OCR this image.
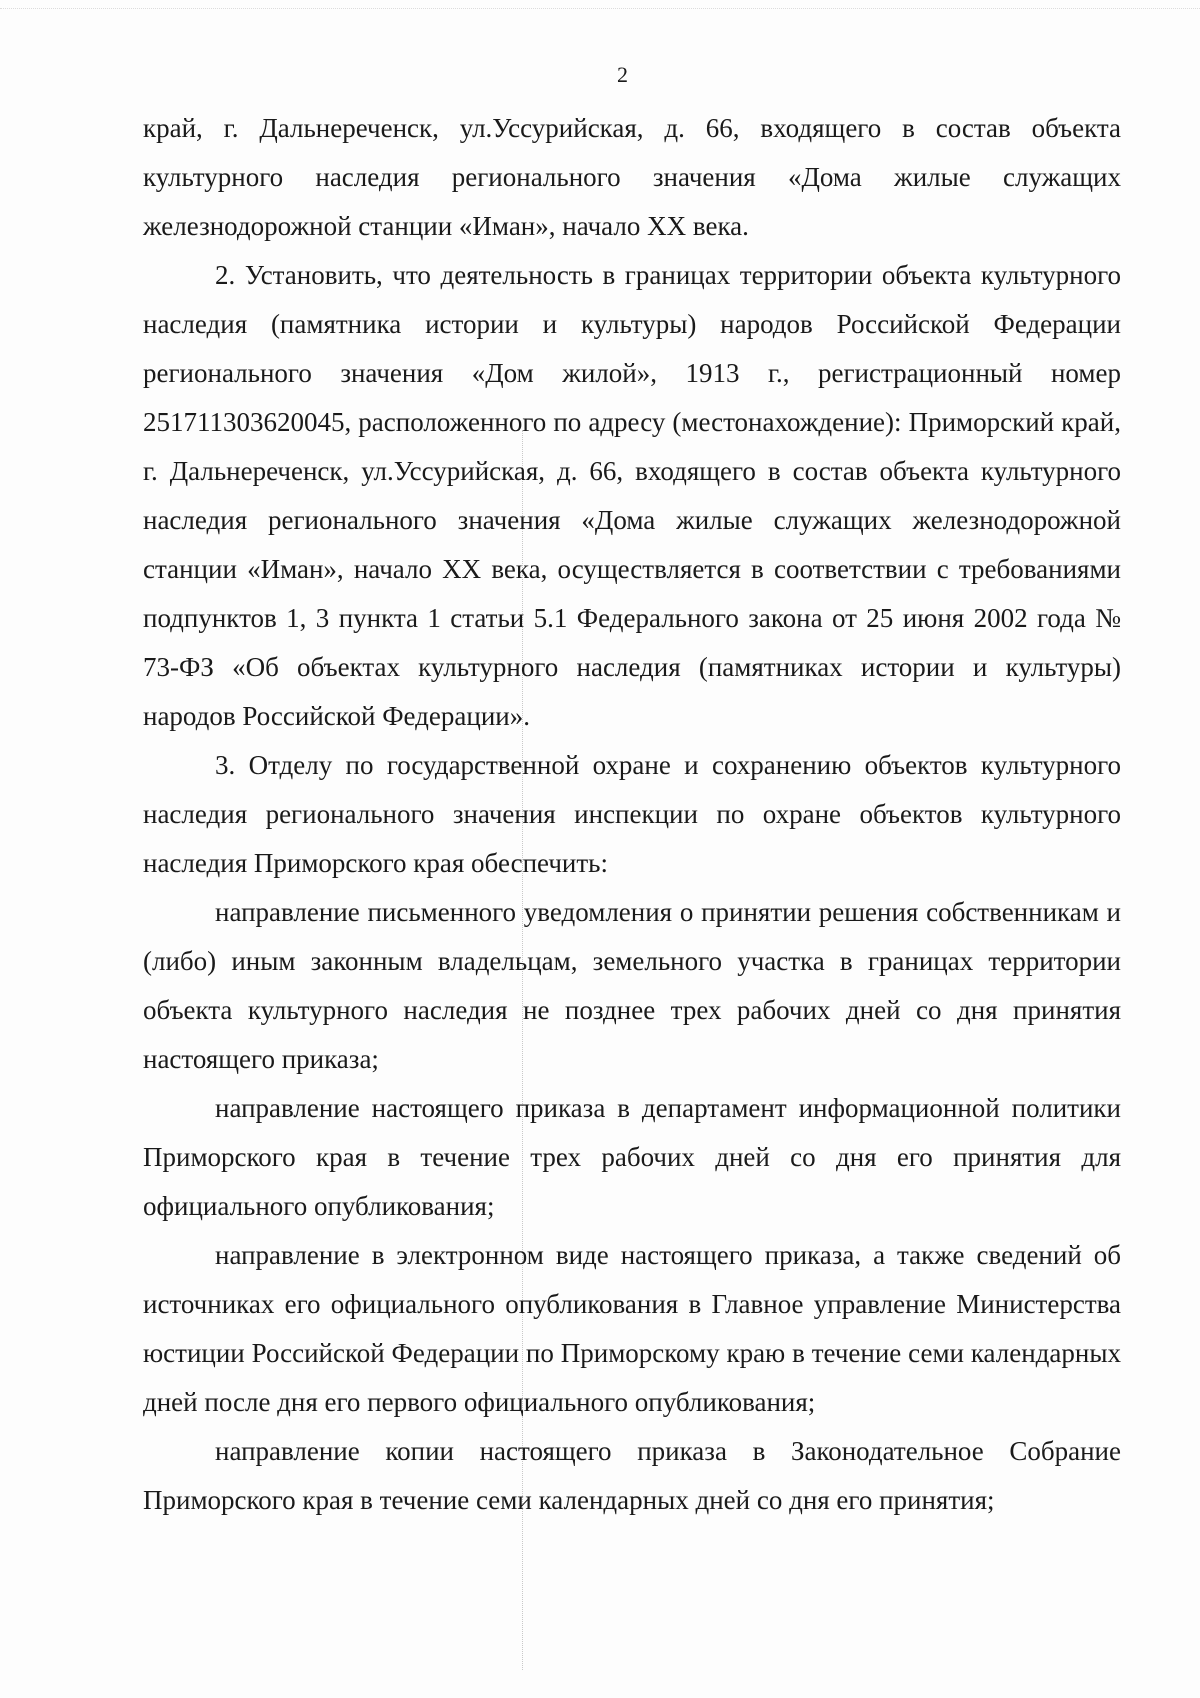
2

край, г. Дальнереченск, ул.Уссурийская, д. 66, входящего в состав объекта культурного наследия регионального значения «Дома жилые служащих железнодорожной станции «Иман», начало XX века.

2. Установить, что деятельность в границах территории объекта культурного наследия (памятника истории и культуры) народов Российской Федерации регионального значения «Дом жилой», 1913 г., регистрационный номер 251711303620045, расположенного по адресу (местонахождение): Приморский край, г. Дальнереченск, ул.Уссурийская, д. 66, входящего в состав объекта культурного наследия регионального значения «Дома жилые служащих железнодорожной станции «Иман», начало XX века, осуществляется в соответствии с требованиями подпунктов 1, 3 пункта 1 статьи 5.1 Федерального закона от 25 июня 2002 года № 73-ФЗ «Об объектах культурного наследия (памятниках истории и культуры) народов Российской Федерации».

3. Отделу по государственной охране и сохранению объектов культурного наследия регионального значения инспекции по охране объектов культурного наследия Приморского края обеспечить:

направление письменного уведомления о принятии решения собственникам и (либо) иным законным владельцам, земельного участка в границах территории объекта культурного наследия не позднее трех рабочих дней со дня принятия настоящего приказа;

направление настоящего приказа в департамент информационной политики Приморского края в течение трех рабочих дней со дня его принятия для официального опубликования;

направление в электронном виде настоящего приказа, а также сведений об источниках его официального опубликования в Главное управление Министерства юстиции Российской Федерации по Приморскому краю в течение семи календарных дней после дня его первого официального опубликования;

направление копии настоящего приказа в Законодательное Собрание Приморского края в течение семи календарных дней со дня его принятия;
